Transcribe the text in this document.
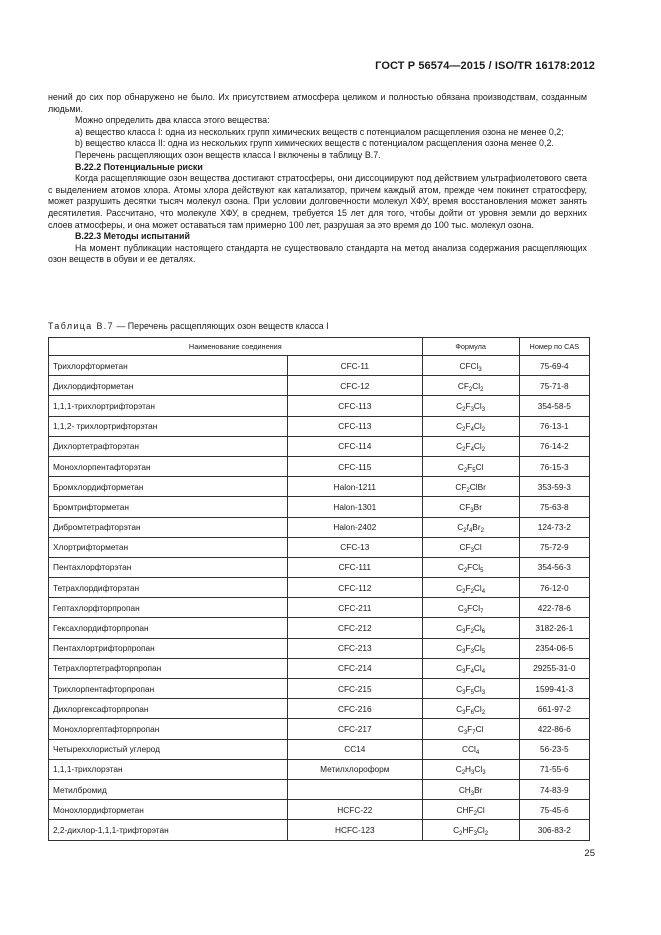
ГОСТ Р 56574—2015 / ISO/TR 16178:2012

нений до сих пор обнаружено не было. Их присутствием атмосфера целиком и полностью обязана производствам, созданным людьми.

Можно определить два класса этого вещества:

a) вещество класса I: одна из нескольких групп химических веществ с потенциалом расщепления озона не менее 0,2;

b) вещество класса II: одна из нескольких групп химических веществ с потенциалом расщепления озона менее 0,2.

Перечень расщепляющих озон веществ класса I включены в таблицу B.7.

B.22.2 Потенциальные риски

Когда расщепляющие озон вещества достигают стратосферы, они диссоциируют под действием ультрафиолетового света с выделением атомов хлора. Атомы хлора действуют как катализатор, причем каждый атом, прежде чем покинет стратосферу, может разрушить десятки тысяч молекул озона. При условии долговечности молекул ХФУ, время восстановления может занять десятилетия. Рассчитано, что молекуле ХФУ, в среднем, требуется 15 лет для того, чтобы дойти от уровня земли до верхних слоев атмосферы, и она может оставаться там примерно 100 лет, разрушая за это время до 100 тыс. молекул озона.

B.22.3 Методы испытаний

На момент публикации настоящего стандарта не существовало стандарта на метод анализа содержания расщепляющих озон веществ в обуви и ее деталях.

Таблица B.7 — Перечень расщепляющих озон веществ класса I
Наименование соединения		Формула	Номер по CAS
Трихлорфторметан	CFC-11	CFCl$_3$	75-69-4
Дихлордифторметан	CFC-12	$CF_2Cl_2$	75-71-8
1,1,1-трихлортрифторэтан	CFC-113	$C_2F_3Cl_3$	354-58-5
1,1,2- трихлортрифторэтан	CFC-113	$C_2F_4Cl_2$	76-13-1
Дихлортетрафторэтан	CFC-114	$C_2F_4Cl_2$	76-14-2
Монохлорпентафторэтан	CFC-115	$C_2F_5Cl$	76-15-3
Бромхлордифторметан	Halon-1211	$CF_2ClBr$	353-59-3
Бромтрифторметан	Halon-1301	$CF_3Br$	75-63-8
Дибромтетрафторэтан	Halon-2402	$C_2f_4Br_2$	124-73-2
Хлортрифторметан	CFC-13	$CF_3Cl$	75-72-9
Пентахлорфторэтан	CFC-111	$C_2FCl_5$	354-56-3
Тетрахлордифторэтан	CFC-112	$C_2F_2Cl_4$	76-12-0
Гептахлорфторпропан	CFC-211	$C_3FCl_7$	422-78-6
Гексахлордифторпропан	CFC-212	$C_3F_2Cl_6$	3182-26-1
Пентахлортрифторпропан	CFC-213	$C_3F_3Cl_5$	2354-06-5
Тетрахлортетрафторпропан	CFC-214	$C_3F_4Cl_4$	29255-31-0
Трихлорпентафторпропан	CFC-215	$C_3F_5Cl_3$	1599-41-3
Дихлоргексафторпропан	CFC-216	$C_3F_6Cl_2$	661-97-2
Монохлоргептафторпропан	CFC-217	$C_3F_7Cl$	422-86-6
Четыреххлористый углерод	CC14	CCl$_4$	56-23-5
1,1,1-трихлорэтан	Метилхлороформ	$C_2H_3Cl_3$	71-55-6
Метилбромид		$CH_3Br$	74-83-9
Монохлордифторметан	HCFC-22	$CHF_2Cl$	75-45-6
2,2-дихлор-1,1,1-трифторэтан	HCFC-123	$C_2HF_3Cl_2$	306-83-2
25
